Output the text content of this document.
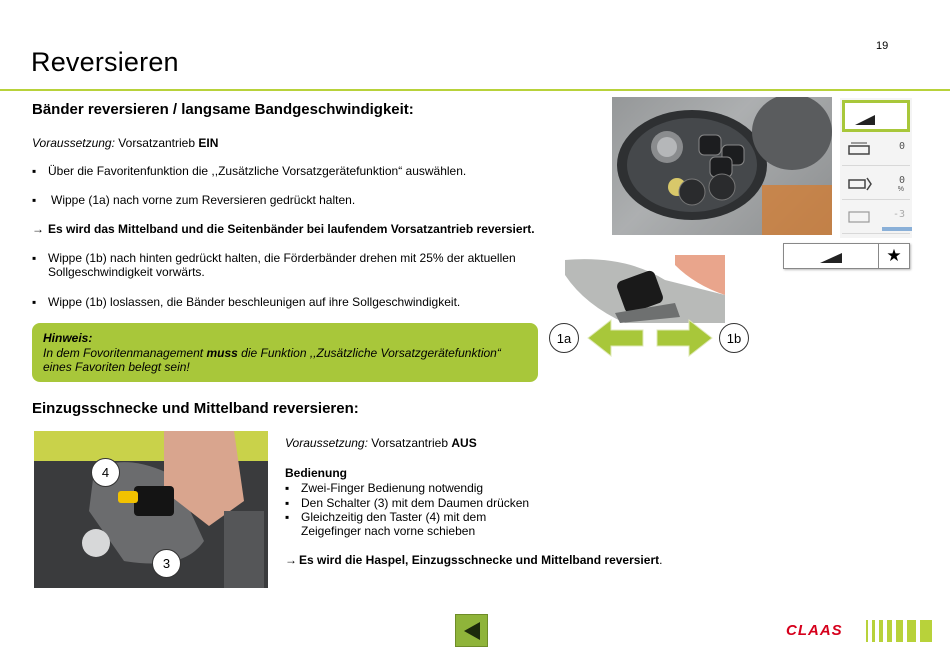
19
Reversieren
Bänder reversieren / langsame Bandgeschwindigkeit:
Voraussetzung: Vorsatzantrieb EIN
▪ Über die Favoritenfunktion die ,,Zusätzliche Vorsatzgerätefunktion“ auswählen.
▪	Wippe (1a) nach vorne zum Reversieren gedrückt halten.
→ Es wird das Mittelband und die Seitenbänder bei laufendem Vorsatzantrieb reversiert.
▪ Wippe (1b) nach hinten gedrückt halten, die Förderbänder drehen mit 25% der aktuellen Sollgeschwindigkeit vorwärts.
▪ Wippe (1b) loslassen, die Bänder beschleunigen auf ihre Sollgeschwindigkeit.
Hinweis:
In dem Fovoritenmanagement muss die Funktion ,,Zusätzliche Vorsatzgerätefunktion“
eines Favoriten belegt sein!
0
0
%
-3
★
1a	1b
Einzugsschnecke und Mittelband reversieren:
4
3
Voraussetzung: Vorsatzantrieb AUS
Bedienung
▪ Zwei-Finger Bedienung notwendig
▪ Den Schalter (3) mit dem Daumen drücken
▪ Gleichzeitig den Taster (4) mit dem Zeigefinger nach vorne schieben
→ Es wird die Haspel, Einzugsschnecke und Mittelband reversiert.
CLAAS
